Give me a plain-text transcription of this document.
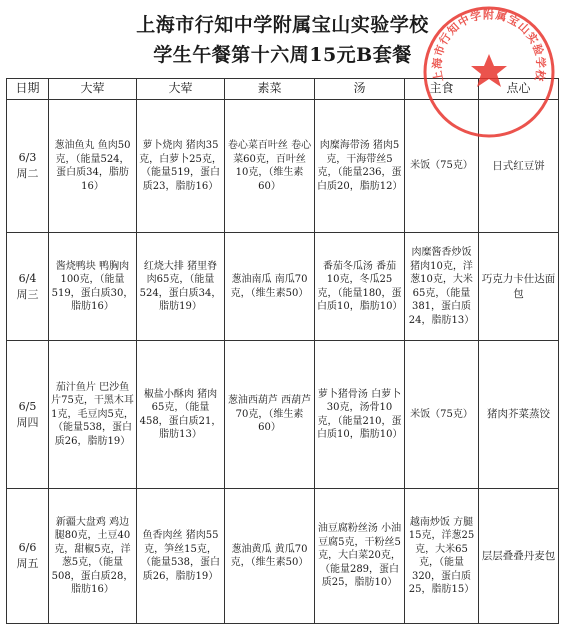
上海市行知中学附属宝山实验学校
学生午餐第十六周15元B套餐
日期	大荤	大荤	素菜	汤	主食	点心

6/3
周二	葱油鱼丸 鱼肉50克，（能量524，蛋白质34，脂肪16）	萝卜烧肉 猪肉35克，白萝卜25克，（能量519，蛋白质23，脂肪16）	卷心菜百叶丝 卷心菜60克，百叶丝10克，（维生素60）	肉糜海带汤 猪肉5克，干海带丝5克，（能量236，蛋白质20，脂肪12）	米饭（75克）	日式红豆饼

6/4
周三	酱烧鸭块 鸭胸肉100克，（能量519，蛋白质30，脂肪16）	红烧大排 猪里脊肉65克，（能量524，蛋白质34，脂肪19）	葱油南瓜 南瓜70克，（维生素50）	番茄冬瓜汤 番茄10克，冬瓜25克，（能量180，蛋白质10，脂肪10）	肉糜酱香炒饭 猪肉10克，洋葱10克，大米65克，（能量381，蛋白质24，脂肪13）	巧克力卡仕达面包

6/5
周四	茄汁鱼片 巴沙鱼片75克，干黑木耳1克，毛豆肉5克，（能量538，蛋白质26，脂肪19）	椒盐小酥肉 猪肉65克，（能量458，蛋白质21，脂肪13）	葱油西葫芦 西葫芦70克，（维生素60）	萝卜猪骨汤 白萝卜30克，汤骨10克，（能量210，蛋白质10，脂肪10）	米饭（75克）	猪肉芥菜蒸饺

6/6
周五	新疆大盘鸡 鸡边腿80克，土豆40克，甜椒5克，洋葱5克，（能量508，蛋白质28，脂肪16）	鱼香肉丝 猪肉55克，笋丝15克，（能量538，蛋白质26，脂肪19）	葱油黄瓜 黄瓜70克，（维生素50）	油豆腐粉丝汤 小油豆腐5克，干粉丝5克，大白菜20克，（能量289，蛋白质25，脂肪10）	越南炒饭 方腿15克，洋葱25克，大米65克，（能量320，蛋白质25，脂肪15）	层层叠叠丹麦包
上海市行知中学附属宝山实验学校
